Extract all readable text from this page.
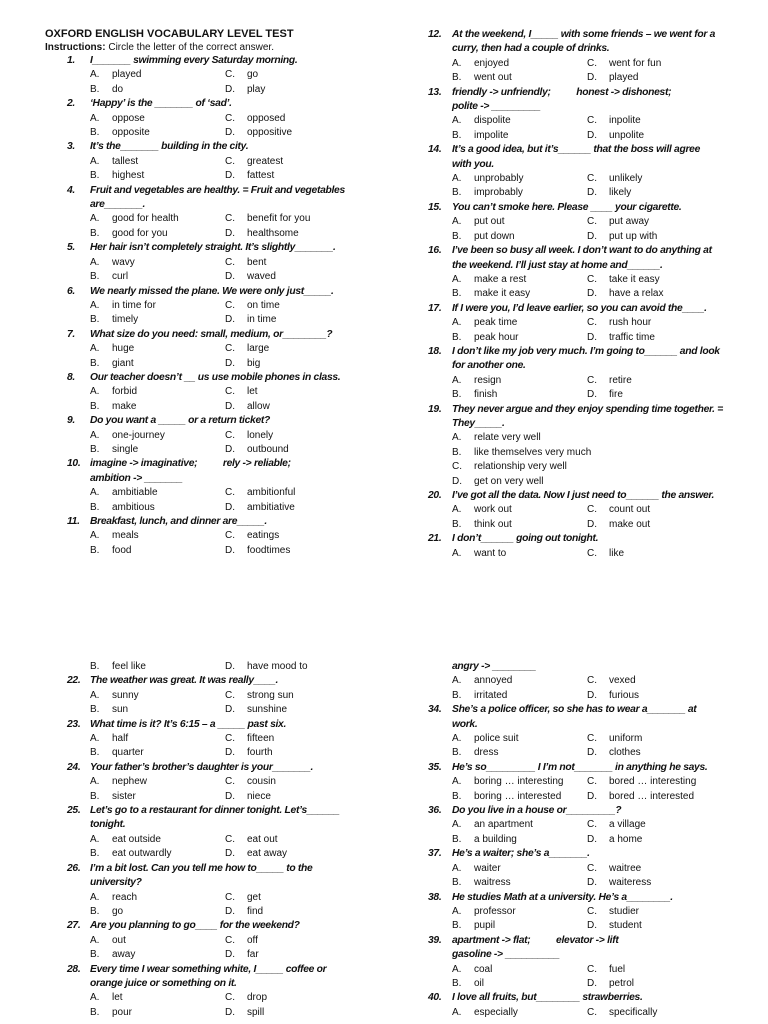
OXFORD ENGLISH VOCABULARY LEVEL TEST
Instructions: Circle the letter of the correct answer.
1. I_______ swimming every Saturday morning.
A. played	C. go
B. do	D. play
2. ‘Happy’ is the _______ of ‘sad’.
A. oppose	C. opposed
B. opposite	D. oppositive
3. It’s the_______ building in the city.
A. tallest	C. greatest
B. highest	D. fattest
4. Fruit and vegetables are healthy. = Fruit and vegetables
are_______.
A. good for health	C. benefit for you
B. good for you	D. healthsome
5. Her hair isn’t completely straight. It’s slightly_______.
A. wavy	C. bent
B. curl	D. waved
6. We nearly missed the plane. We were only just_____.
A. in time for	C. on time
B. timely	D. in time
7. What size do you need: small, medium, or________?
A. huge	C. large
B. giant	D. big
8. Our teacher doesn’t __ us use mobile phones in class.
A. forbid	C. let
B. make	D. allow
9. Do you want a _____ or a return ticket?
A. one-journey	C. lonely
B. single	D. outbound
10. imagine -> imaginative;          rely -> reliable;
ambition -> _______
A. ambitiable	C. ambitionful
B. ambitious	D. ambitiative
11. Breakfast, lunch, and dinner are_____.
A. meals	C. eatings
B. food	D. foodtimes
12. At the weekend, I_____ with some friends – we went for a
curry, then had a couple of drinks.
A. enjoyed	C. went for fun
B. went out	D. played
13. friendly -> unfriendly;          honest -> dishonest;
polite -> _________
A. dispolite	C. inpolite
B. impolite	D. unpolite
14. It’s a good idea, but it’s______ that the boss will agree
with you.
A. unprobably	C. unlikely
B. improbably	D. likely
15. You can’t smoke here. Please ____ your cigarette.
A. put out	C. put away
B. put down	D. put up with
16. I’ve been so busy all week. I don’t want to do anything at
the weekend. I’ll just stay at home and______.
A. make a rest	C. take it easy
B. make it easy	D. have a relax
17. If I were you, I’d leave earlier, so you can avoid the____.
A. peak time	C. rush hour
B. peak hour	D. traffic time
18. I don’t like my job very much. I’m going to______ and look
for another one.
A. resign	C. retire
B. finish	D. fire
19. They never argue and they enjoy spending time together. =
They_____.
A. relate very well
B. like themselves very much
C. relationship very well
D. get on very well
20. I’ve got all the data. Now I just need to______ the answer.
A. work out	C. count out
B. think out	D. make out
21. I don’t______ going out tonight.
A. want to	C. like
B. feel like	D. have mood to
22. The weather was great. It was really____.
A. sunny	C. strong sun
B. sun	D. sunshine
23. What time is it? It’s 6:15 – a _____ past six.
A. half	C. fifteen
B. quarter	D. fourth
24. Your father’s brother’s daughter is your_______.
A. nephew	C. cousin
B. sister	D. niece
25. Let’s go to a restaurant for dinner tonight. Let’s______
tonight.
A. eat outside	C. eat out
B. eat outwardly	D. eat away
26. I’m a bit lost. Can you tell me how to_____ to the
university?
A. reach	C. get
B. go	D. find
27. Are you planning to go____ for the weekend?
A. out	C. off
B. away	D. far
28. Every time I wear something white, I_____ coffee or
orange juice or something on it.
A. let	C. drop
B. pour	D. spill
angry -> ________
A. annoyed	C. vexed
B. irritated	D. furious
34. She’s a police officer, so she has to wear a_______ at
work.
A. police suit	C. uniform
B. dress	D. clothes
35. He’s so_________ I I’m not_______ in anything he says.
A. boring … interesting	C. bored … interesting
B. boring … interested	D. bored … interested
36. Do you live in a house or_________?
A. an apartment	C. a village
B. a building	D. a home
37. He’s a waiter; she’s a_______.
A. waiter	C. waitree
B. waitress	D. waiteress
38. He studies Math at a university. He’s a________.
A. professor	C. studier
B. pupil	D. student
39. apartment -> flat;          elevator -> lift
gasoline -> __________
A. coal	C. fuel
B. oil	D. petrol
40. I love all fruits, but________ strawberries.
A. especially	C. specifically
